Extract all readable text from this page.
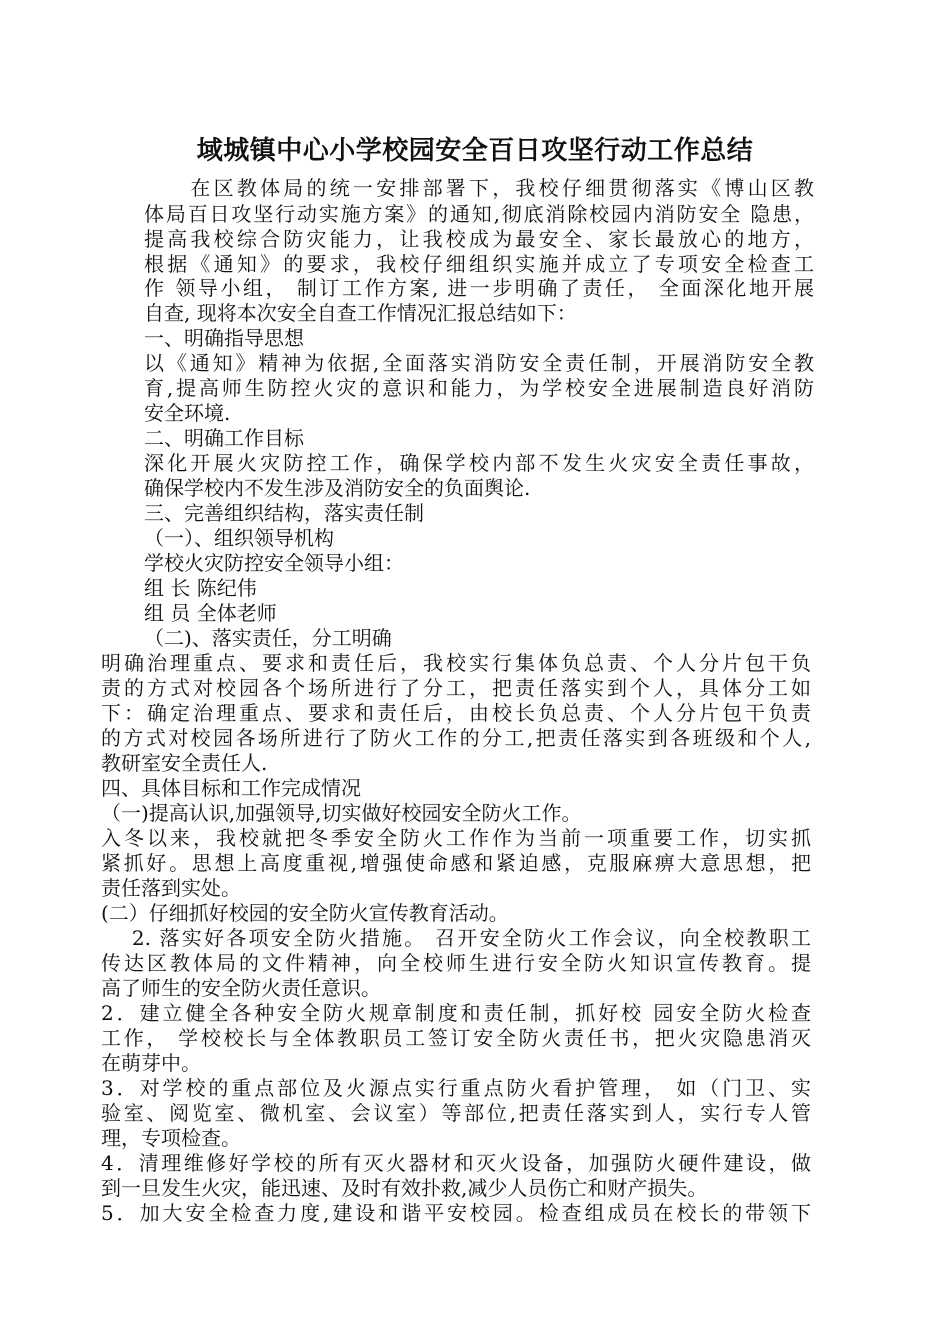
域城镇中心小学校园安全百日攻坚行动工作总结
　　在区教体局的统一安排部署下，我校仔细贯彻落实《博山区教
体局百日攻坚行动实施方案》的通知,彻底消除校园内消防安全 隐患，
提高我校综合防灾能力，让我校成为最安全、家长最放心的地方，
根据《通知》的要求，我校仔细组织实施并成立了专项安全检查工
作 领导小组， 制订工作方案, 进一步明确了责任， 全面深化地开展
自查, 现将本次安全自查工作情况汇报总结如下：
一、明确指导思想
以《通知》精神为依据,全面落实消防安全责任制，开展消防安全教
育,提高师生防控火灾的意识和能力，为学校安全进展制造良好消防
安全环境.
二、明确工作目标
深化开展火灾防控工作，确保学校内部不发生火灾安全责任事故，
确保学校内不发生涉及消防安全的负面舆论.
三、完善组织结构，落实责任制
（一）、组织领导机构
学校火灾防控安全领导小组：
组 长 陈纪伟
组 员 全体老师
（二)、落实责任，分工明确
明确治理重点、要求和责任后，我校实行集体负总责、个人分片包干负
责的方式对校园各个场所进行了分工，把责任落实到个人，具体分工如
下：确定治理重点、要求和责任后，由校长负总责、个人分片包干负责
的方式对校园各场所进行了防火工作的分工,把责任落实到各班级和个人,
教研室安全责任人.
四、具体目标和工作完成情况
（一)提高认识,加强领导,切实做好校园安全防火工作。
入冬以来，我校就把冬季安全防火工作作为当前一项重要工作，切实抓
紧抓好。思想上高度重视,增强使命感和紧迫感，克服麻痹大意思想，把
责任落到实处。
(二）仔细抓好校园的安全防火宣传教育活动。
　 2. 落实好各项安全防火措施。 召开安全防火工作会议，向全校教职工
传达区教体局的文件精神，向全校师生进行安全防火知识宣传教育。提
高了师生的安全防火责任意识。
2．建立健全各种安全防火规章制度和责任制，抓好校 园安全防火检查
工作， 学校校长与全体教职员工签订安全防火责任书，把火灾隐患消灭
在萌芽中。
3．对学校的重点部位及火源点实行重点防火看护管理， 如（门卫、实
验室、阅览室、微机室、会议室）等部位,把责任落实到人，实行专人管
理，专项检查。
4．清理维修好学校的所有灭火器材和灭火设备，加强防火硬件建设，做
到一旦发生火灾，能迅速、及时有效扑救,减少人员伤亡和财产损失。
5．加大安全检查力度,建设和谐平安校园。检查组成员在校长的带领下
